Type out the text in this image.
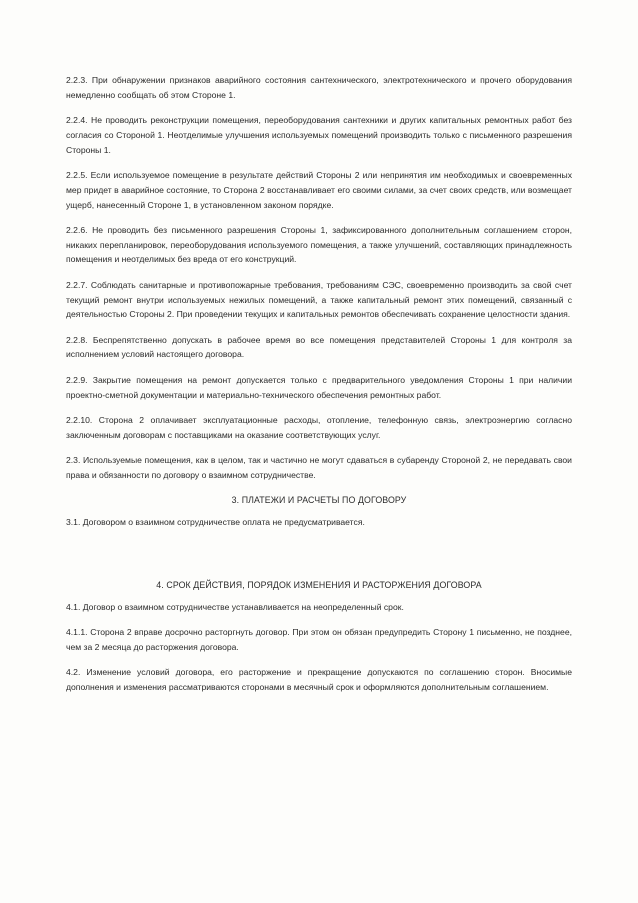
2.2.3. При обнаружении признаков аварийного состояния сантехнического, электротехнического и прочего оборудования немедленно сообщать об этом Стороне 1.

2.2.4. Не проводить реконструкции помещения, переоборудования сантехники и других капитальных ремонтных работ без согласия со Стороной 1. Неотделимые улучшения используемых помещений производить только с письменного разрешения Стороны 1.

2.2.5. Если используемое помещение в результате действий Стороны 2 или непринятия им необходимых и своевременных мер придет в аварийное состояние, то Сторона 2 восстанавливает его своими силами, за счет своих средств, или возмещает ущерб, нанесенный Стороне 1, в установленном законом порядке.

2.2.6. Не проводить без письменного разрешения Стороны 1, зафиксированного дополнительным соглашением сторон, никаких перепланировок, переоборудования используемого помещения, а также улучшений, составляющих принадлежность помещения и неотделимых без вреда от его конструкций.

2.2.7. Соблюдать санитарные и противопожарные требования, требованиям СЭС, своевременно производить за свой счет текущий ремонт внутри используемых нежилых помещений, а также капитальный ремонт этих помещений, связанный с деятельностью Стороны 2. При проведении текущих и капитальных ремонтов обеспечивать сохранение целостности здания.

2.2.8. Беспрепятственно допускать в рабочее время во все помещения представителей Стороны 1 для контроля за исполнением условий настоящего договора.

2.2.9. Закрытие помещения на ремонт допускается только с предварительного уведомления Стороны 1 при наличии проектно-сметной документации и материально-технического обеспечения ремонтных работ.

2.2.10. Сторона 2 оплачивает эксплуатационные расходы, отопление, телефонную связь, электроэнергию согласно заключенным договорам с поставщиками на оказание соответствующих услуг.

2.3. Используемые помещения, как в целом, так и частично не могут сдаваться в субаренду Стороной 2, не передавать свои права и обязанности по договору о взаимном сотрудничестве.

3. ПЛАТЕЖИ И РАСЧЕТЫ ПО ДОГОВОРУ

3.1. Договором о взаимном сотрудничестве оплата не предусматривается.

4. СРОК ДЕЙСТВИЯ, ПОРЯДОК ИЗМЕНЕНИЯ И РАСТОРЖЕНИЯ ДОГОВОРА

4.1. Договор о взаимном сотрудничестве устанавливается на неопределенный срок.

4.1.1. Сторона 2 вправе досрочно расторгнуть договор. При этом он обязан предупредить Сторону 1 письменно, не позднее, чем за 2 месяца до расторжения договора.

4.2. Изменение условий договора, его расторжение и прекращение допускаются по соглашению сторон. Вносимые дополнения и изменения рассматриваются сторонами в месячный срок и оформляются дополнительным соглашением.
